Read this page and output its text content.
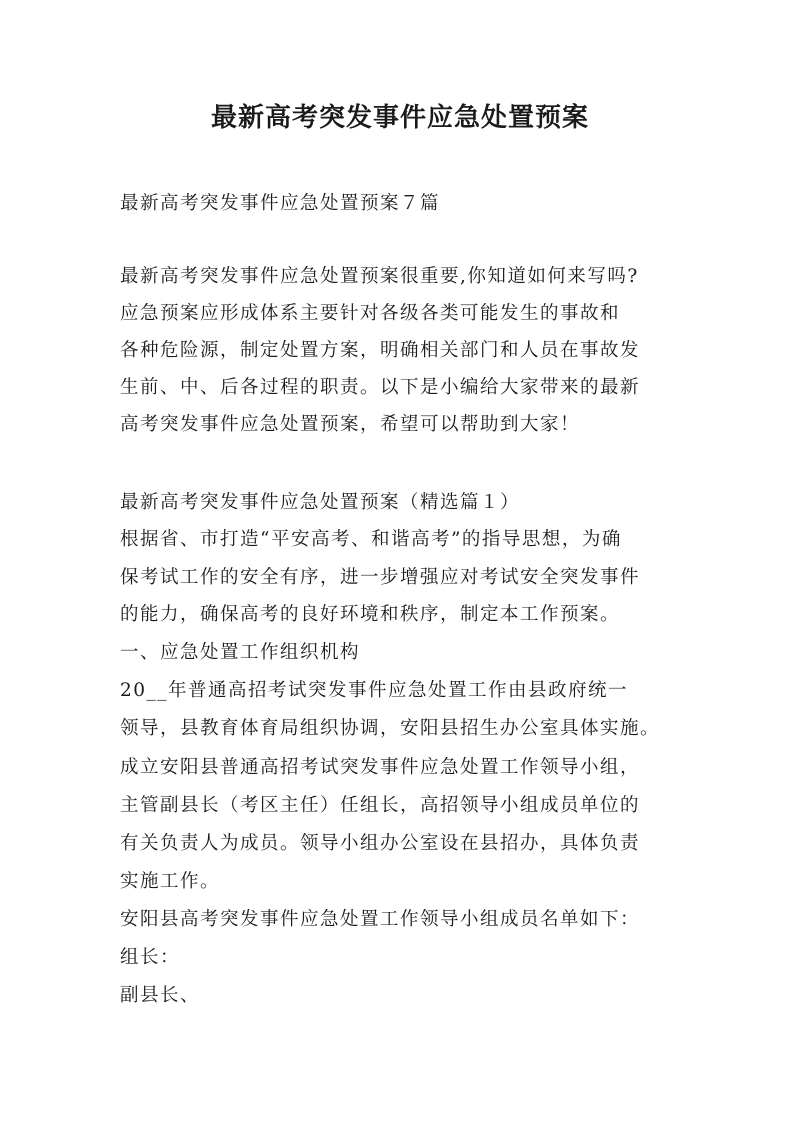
最新高考突发事件应急处置预案

最新高考突发事件应急处置预案７篇

最新高考突发事件应急处置预案很重要,你知道如何来写吗?

应急预案应形成体系主要针对各级各类可能发生的事故和

各种危险源，制定处置方案，明确相关部门和人员在事故发

生前、中、后各过程的职责。以下是小编给大家带来的最新

高考突发事件应急处置预案，希望可以帮助到大家！

最新高考突发事件应急处置预案（精选篇１）

根据省、市打造“平安高考、和谐高考”的指导思想，为确

保考试工作的安全有序，进一步增强应对考试安全突发事件

的能力，确保高考的良好环境和秩序，制定本工作预案。

一、应急处置工作组织机构

20__年普通高招考试突发事件应急处置工作由县政府统一

领导，县教育体育局组织协调，安阳县招生办公室具体实施。

成立安阳县普通高招考试突发事件应急处置工作领导小组，

主管副县长（考区主任）任组长，高招领导小组成员单位的

有关负责人为成员。领导小组办公室设在县招办，具体负责

实施工作。

安阳县高考突发事件应急处置工作领导小组成员名单如下：

组长：

副县长、
